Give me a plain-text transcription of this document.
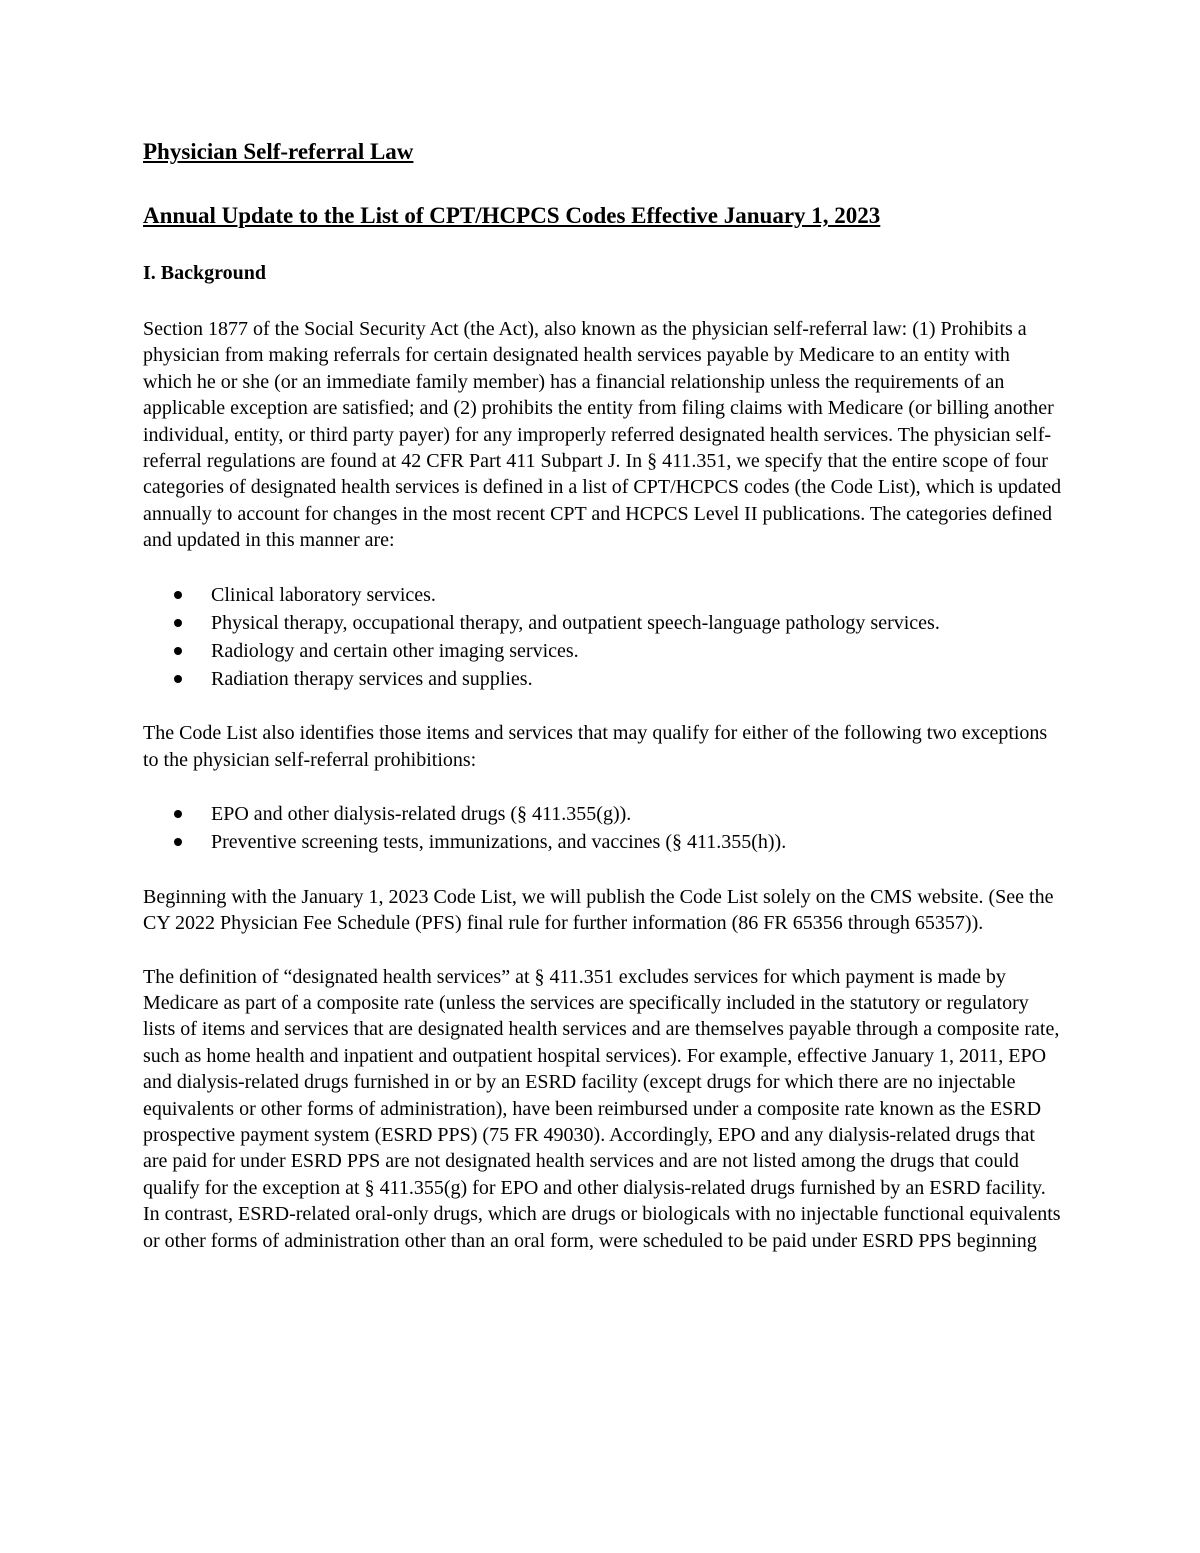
Physician Self-referral Law
Annual Update to the List of CPT/HCPCS Codes Effective January 1, 2023
I. Background

Section 1877 of the Social Security Act (the Act), also known as the physician self-referral law: (1) Prohibits a physician from making referrals for certain designated health services payable by Medicare to an entity with which he or she (or an immediate family member) has a financial relationship unless the requirements of an applicable exception are satisfied; and (2) prohibits the entity from filing claims with Medicare (or billing another individual, entity, or third party payer) for any improperly referred designated health services. The physician self-referral regulations are found at 42 CFR Part 411 Subpart J. In § 411.351, we specify that the entire scope of four categories of designated health services is defined in a list of CPT/HCPCS codes (the Code List), which is updated annually to account for changes in the most recent CPT and HCPCS Level II publications. The categories defined and updated in this manner are:

Clinical laboratory services.
Physical therapy, occupational therapy, and outpatient speech-language pathology services.
Radiology and certain other imaging services.
Radiation therapy services and supplies.

The Code List also identifies those items and services that may qualify for either of the following two exceptions to the physician self-referral prohibitions:

EPO and other dialysis-related drugs (§ 411.355(g)).
Preventive screening tests, immunizations, and vaccines (§ 411.355(h)).

Beginning with the January 1, 2023 Code List, we will publish the Code List solely on the CMS website. (See the CY 2022 Physician Fee Schedule (PFS) final rule for further information (86 FR 65356 through 65357)).

The definition of “designated health services” at § 411.351 excludes services for which payment is made by Medicare as part of a composite rate (unless the services are specifically included in the statutory or regulatory lists of items and services that are designated health services and are themselves payable through a composite rate, such as home health and inpatient and outpatient hospital services). For example, effective January 1, 2011, EPO and dialysis-related drugs furnished in or by an ESRD facility (except drugs for which there are no injectable equivalents or other forms of administration), have been reimbursed under a composite rate known as the ESRD prospective payment system (ESRD PPS) (75 FR 49030). Accordingly, EPO and any dialysis-related drugs that are paid for under ESRD PPS are not designated health services and are not listed among the drugs that could qualify for the exception at § 411.355(g) for EPO and other dialysis-related drugs furnished by an ESRD facility. In contrast, ESRD-related oral-only drugs, which are drugs or biologicals with no injectable functional equivalents or other forms of administration other than an oral form, were scheduled to be paid under ESRD PPS beginning
